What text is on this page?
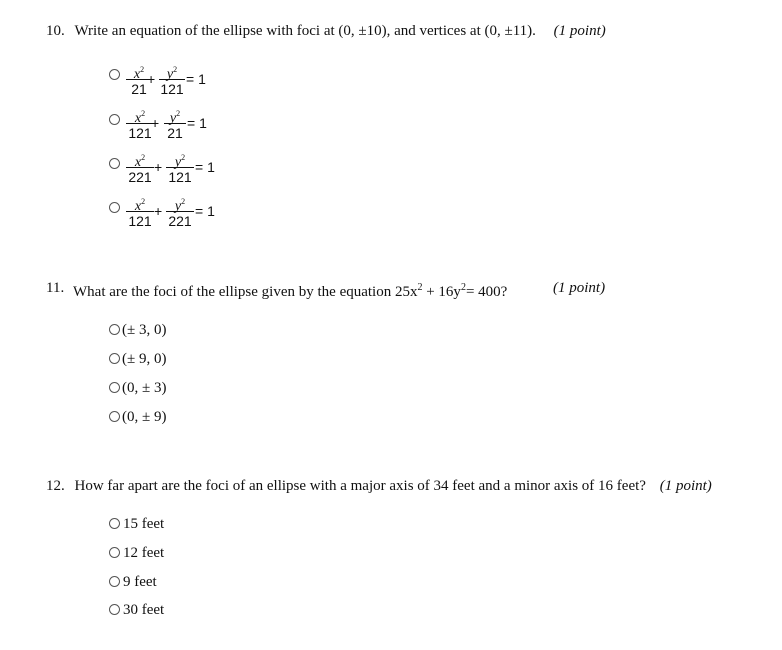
10. Write an equation of the ellipse with foci at (0, ±10), and vertices at (0, ±11). (1 point)
$x^2$
21
+ $y^2$
121
= 1
$x^2$
121
+ $y^2$
21
= 1
$x^2$
221
+ $y^2$
121
= 1
$x^2$
121
+ $y^2$
221
= 1
11. What are the foci of the ellipse given by the equation $25x^2 + 16y^2= 400$?	(1 point)
(± 3, 0)
(± 9, 0)
(0, ± 3)
(0, ± 9)
12. How far apart are the foci of an ellipse with a major axis of 34 feet and a minor axis of 16 feet? (1 point)
15 feet
12 feet
9 feet
30 feet
